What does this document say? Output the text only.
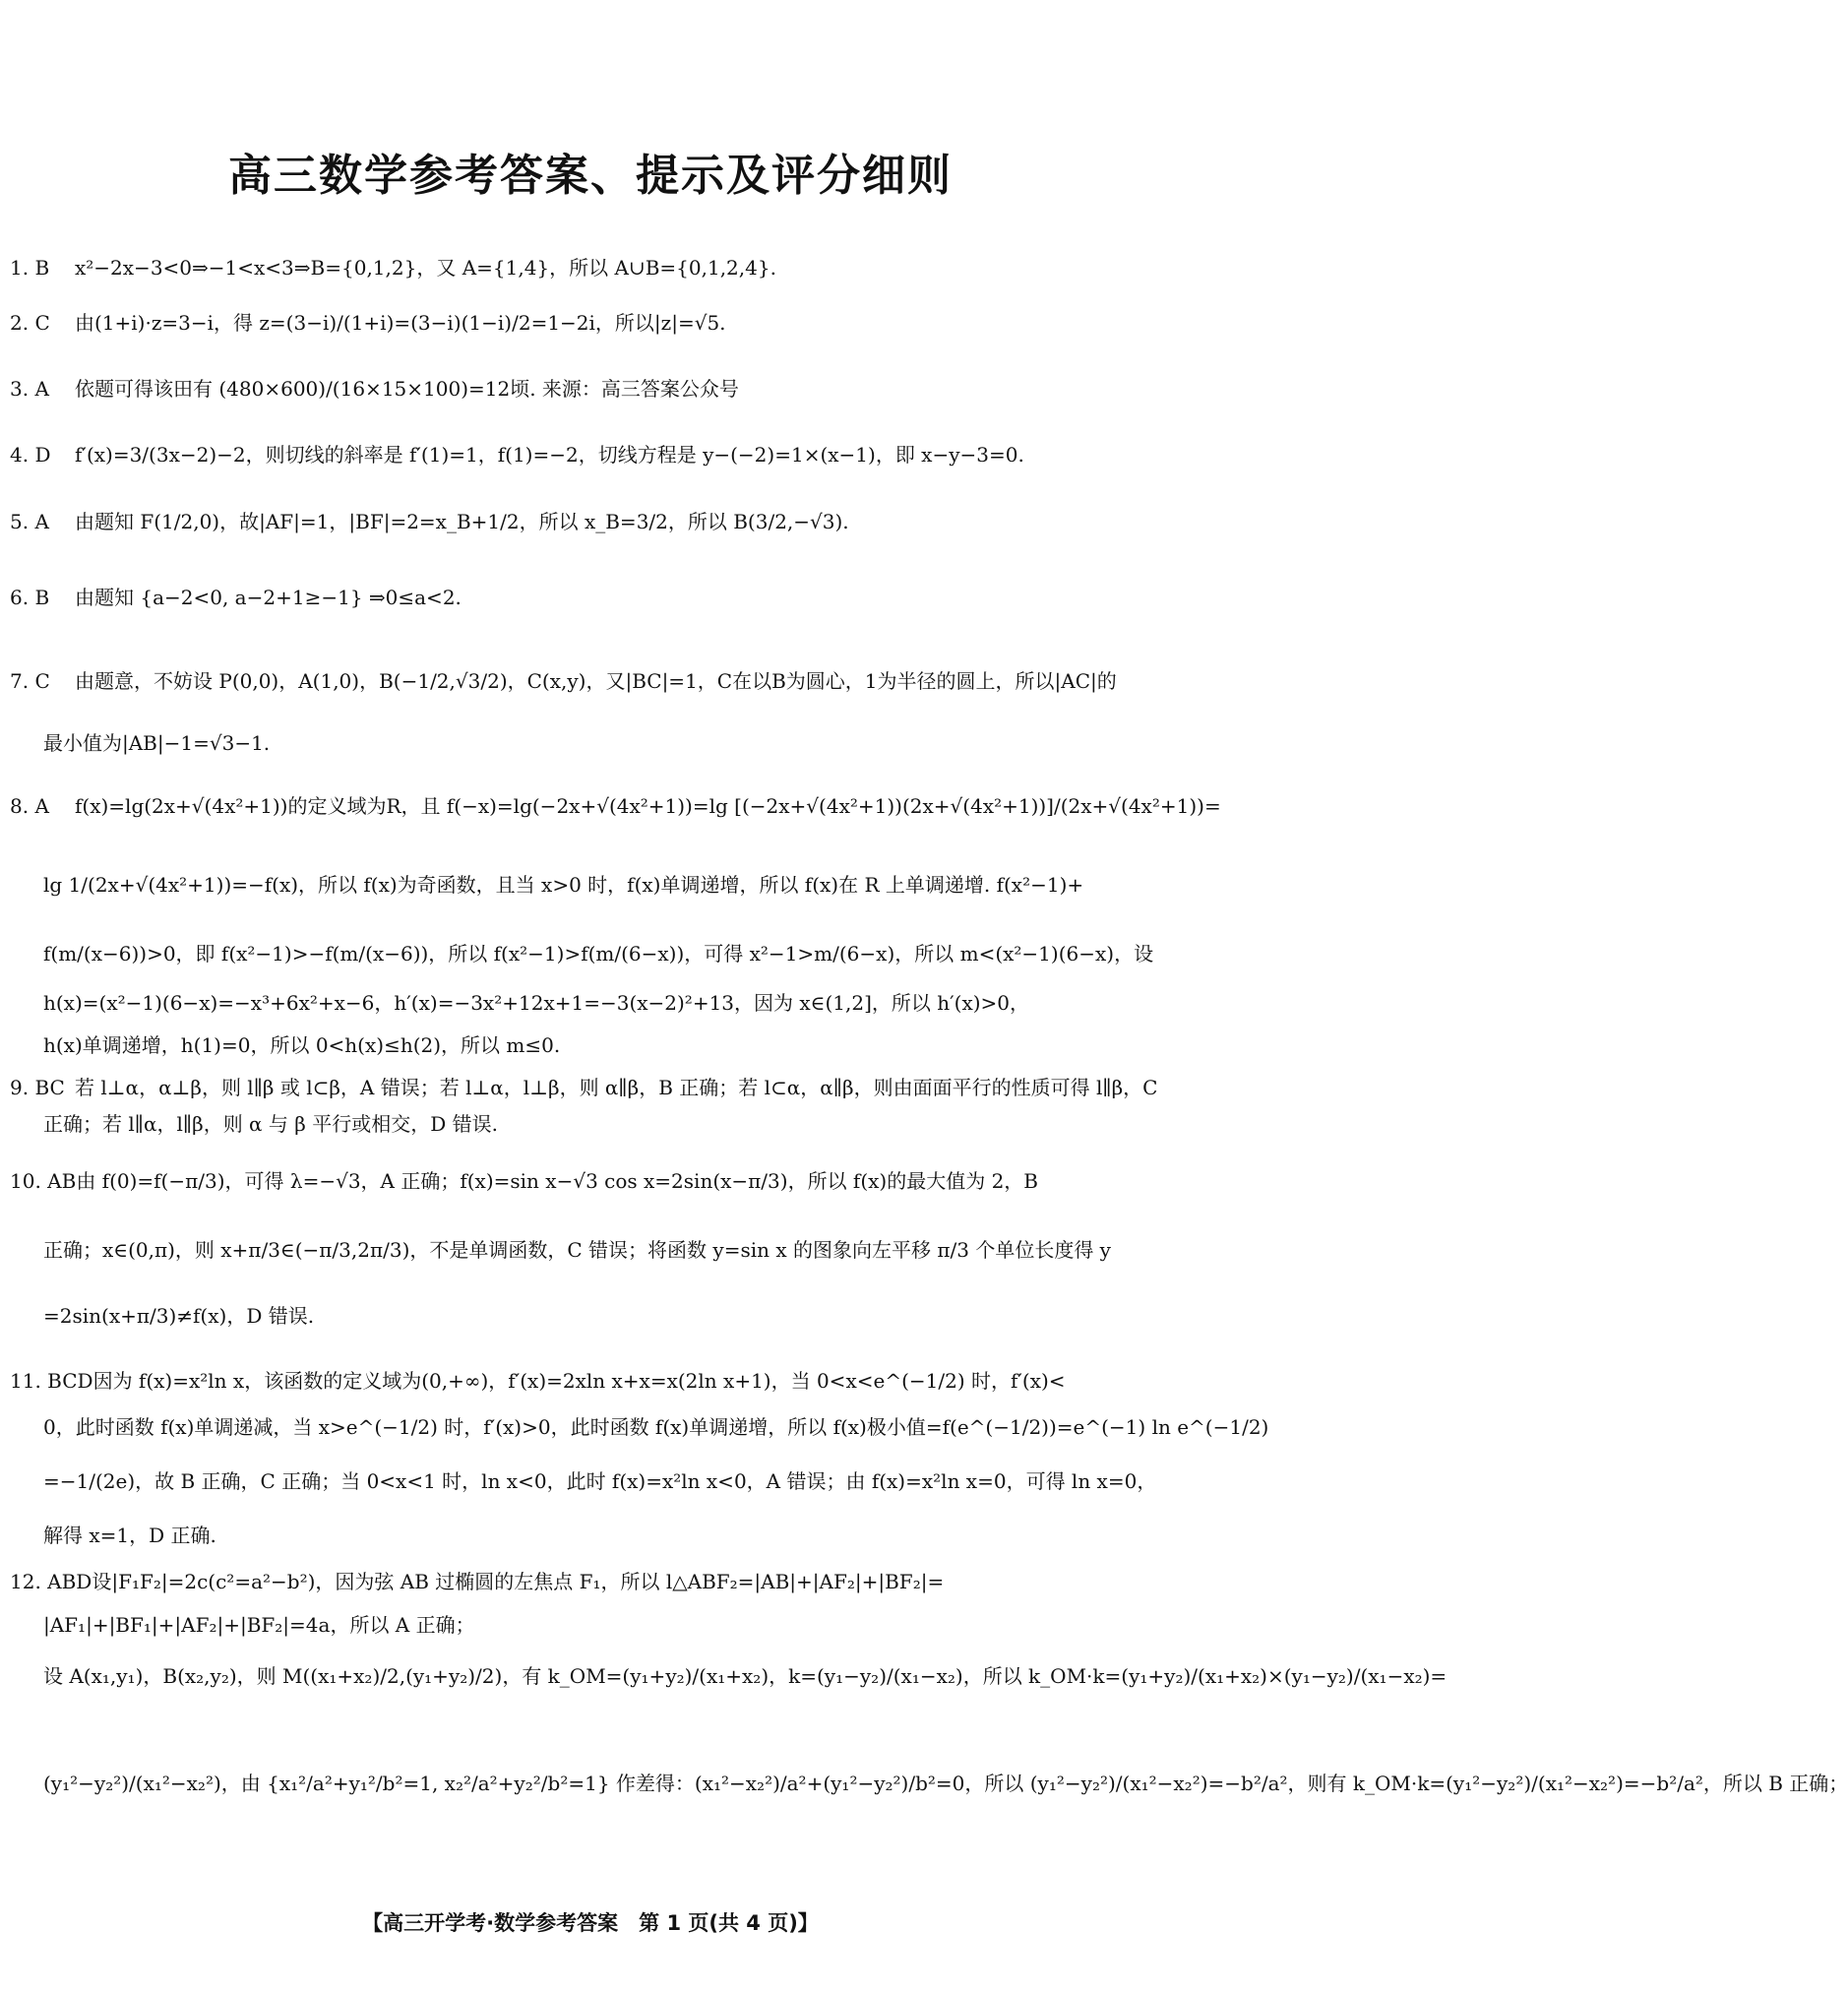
高三数学参考答案、提示及评分细则
1. B x²−2x−3<0⇒−1<x<3⇒B={0,1,2}，又 A={1,4}，所以 A∪B={0,1,2,4}.
2. C 由(1+i)·z=3−i，得 z=(3−i)/(1+i)=(3−i)(1−i)/2=1−2i，所以|z|=√5.
3. A 依题可得该田有 (480×600)/(16×15×100)=12顷. 来源：高三答案公众号
4. D f′(x)=3/(3x−2)−2，则切线的斜率是 f′(1)=1，f(1)=−2，切线方程是 y−(−2)=1×(x−1)，即 x−y−3=0.
5. A 由题知 F(1/2,0)，故|AF|=1，|BF|=2=x_B+1/2，所以 x_B=3/2，所以 B(3/2,−√3).
6. B 由题知 {a−2<0, a−2+1≥−1} ⇒0≤a<2.
7. C 由题意，不妨设 P(0,0)，A(1,0)，B(−1/2,√3/2)，C(x,y)，又|BC|=1，C在以B为圆心，1为半径的圆上，所以|AC|的
最小值为|AB|−1=√3−1.
8. A f(x)=lg(2x+√(4x²+1))的定义域为R，且 f(−x)=lg(−2x+√(4x²+1))=lg [(−2x+√(4x²+1))(2x+√(4x²+1))]/(2x+√(4x²+1))=
lg 1/(2x+√(4x²+1))=−f(x)，所以 f(x)为奇函数，且当 x>0 时，f(x)单调递增，所以 f(x)在 R 上单调递增. f(x²−1)+
f(m/(x−6))>0，即 f(x²−1)>−f(m/(x−6))，所以 f(x²−1)>f(m/(6−x))，可得 x²−1>m/(6−x)，所以 m<(x²−1)(6−x)，设
h(x)=(x²−1)(6−x)=−x³+6x²+x−6，h′(x)=−3x²+12x+1=−3(x−2)²+13，因为 x∈(1,2]，所以 h′(x)>0，
h(x)单调递增，h(1)=0，所以 0<h(x)≤h(2)，所以 m≤0.
9. BC 若 l⊥α，α⊥β，则 l∥β 或 l⊂β，A 错误；若 l⊥α，l⊥β，则 α∥β，B 正确；若 l⊂α，α∥β，则由面面平行的性质可得 l∥β，C
正确；若 l∥α，l∥β，则 α 与 β 平行或相交，D 错误.
10. AB由 f(0)=f(−π/3)，可得 λ=−√3，A 正确；f(x)=sin x−√3 cos x=2sin(x−π/3)，所以 f(x)的最大值为 2，B
正确；x∈(0,π)，则 x+π/3∈(−π/3,2π/3)，不是单调函数，C 错误；将函数 y=sin x 的图象向左平移 π/3 个单位长度得 y
=2sin(x+π/3)≠f(x)，D 错误.
11. BCD因为 f(x)=x²ln x，该函数的定义域为(0,+∞)，f′(x)=2xln x+x=x(2ln x+1)，当 0<x<e^(−1/2) 时，f′(x)<
0，此时函数 f(x)单调递减，当 x>e^(−1/2) 时，f′(x)>0，此时函数 f(x)单调递增，所以 f(x)极小值=f(e^(−1/2))=e^(−1) ln e^(−1/2)
=−1/(2e)，故 B 正确，C 正确；当 0<x<1 时，ln x<0，此时 f(x)=x²ln x<0，A 错误；由 f(x)=x²ln x=0，可得 ln x=0，
解得 x=1，D 正确.
12. ABD设|F₁F₂|=2c(c²=a²−b²)，因为弦 AB 过椭圆的左焦点 F₁，所以 l△ABF₂=|AB|+|AF₂|+|BF₂|=
|AF₁|+|BF₁|+|AF₂|+|BF₂|=4a，所以 A 正确；
设 A(x₁,y₁)，B(x₂,y₂)，则 M((x₁+x₂)/2,(y₁+y₂)/2)，有 k_OM=(y₁+y₂)/(x₁+x₂)，k=(y₁−y₂)/(x₁−x₂)，所以 k_OM·k=(y₁+y₂)/(x₁+x₂)×(y₁−y₂)/(x₁−x₂)=
(y₁²−y₂²)/(x₁²−x₂²)，由 {x₁²/a²+y₁²/b²=1, x₂²/a²+y₂²/b²=1} 作差得：(x₁²−x₂²)/a²+(y₁²−y₂²)/b²=0，所以 (y₁²−y₂²)/(x₁²−x₂²)=−b²/a²，则有 k_OM·k=(y₁²−y₂²)/(x₁²−x₂²)=−b²/a²，所以 B 正确；
【高三开学考·数学参考答案　第 1 页(共 4 页)】
